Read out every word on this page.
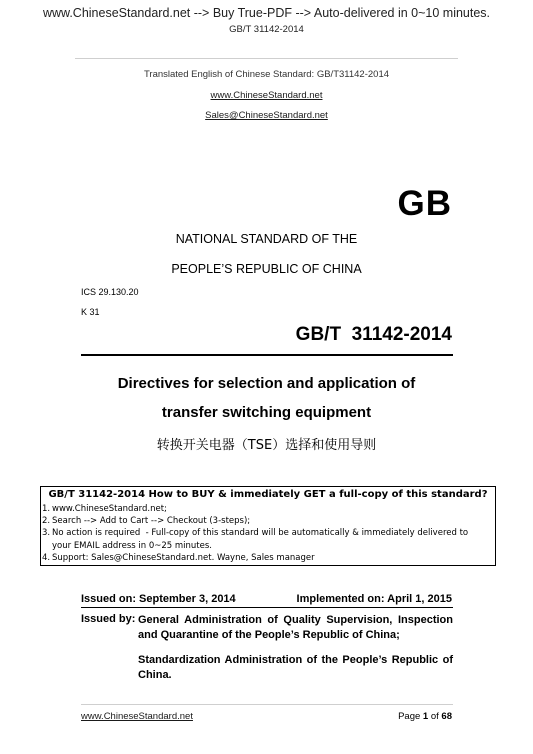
www.ChineseStandard.net --> Buy True-PDF --> Auto-delivered in 0~10 minutes.
GB/T 31142-2014
Translated English of Chinese Standard: GB/T31142-2014
www.ChineseStandard.net
Sales@ChineseStandard.net
GB
NATIONAL STANDARD OF THE
PEOPLE’S REPUBLIC OF CHINA
ICS 29.130.20
K 31
GB/T  31142-2014
Directives for selection and application of
transfer switching equipment
转换开关电器（TSE）选择和使用导则
GB/T 31142-2014 How to BUY & immediately GET a full-copy of this standard?
1. www.ChineseStandard.net;
2. Search --> Add to Cart --> Checkout (3-steps);
3. No action is required  - Full-copy of this standard will be automatically & immediately delivered to
your EMAIL address in 0~25 minutes.
4. Support: Sales@ChineseStandard.net. Wayne, Sales manager
Issued on: September 3, 2014	Implemented on: April 1, 2015
Issued by: General Administration of Quality Supervision, Inspection and Quarantine of the People’s Republic of China;

Standardization Administration of the People’s Republic of China.

www.ChineseStandard.net	Page 1 of 68
